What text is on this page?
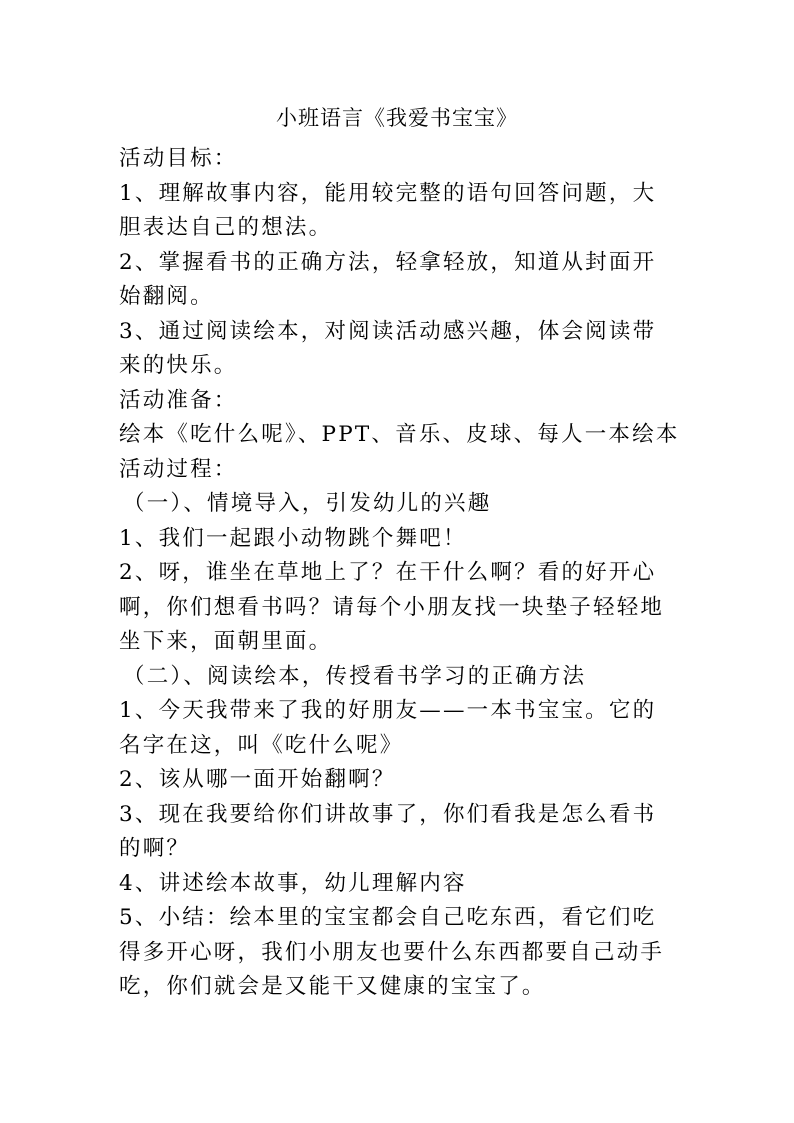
小班语言《我爱书宝宝》
活动目标：
1、理解故事内容，能用较完整的语句回答问题，大
胆表达自己的想法。
2、掌握看书的正确方法，轻拿轻放，知道从封面开
始翻阅。
3、通过阅读绘本，对阅读活动感兴趣，体会阅读带
来的快乐。
活动准备：
绘本《吃什么呢》、PPT、音乐、皮球、每人一本绘本
活动过程：
（一）、情境导入，引发幼儿的兴趣
1、我们一起跟小动物跳个舞吧！
2、呀，谁坐在草地上了？在干什么啊？看的好开心
啊，你们想看书吗？请每个小朋友找一块垫子轻轻地
坐下来，面朝里面。
（二）、阅读绘本，传授看书学习的正确方法
1、今天我带来了我的好朋友——一本书宝宝。它的
名字在这，叫《吃什么呢》
2、该从哪一面开始翻啊？
3、现在我要给你们讲故事了，你们看我是怎么看书
的啊？
4、讲述绘本故事，幼儿理解内容
5、小结：绘本里的宝宝都会自己吃东西，看它们吃
得多开心呀，我们小朋友也要什么东西都要自己动手
吃，你们就会是又能干又健康的宝宝了。
